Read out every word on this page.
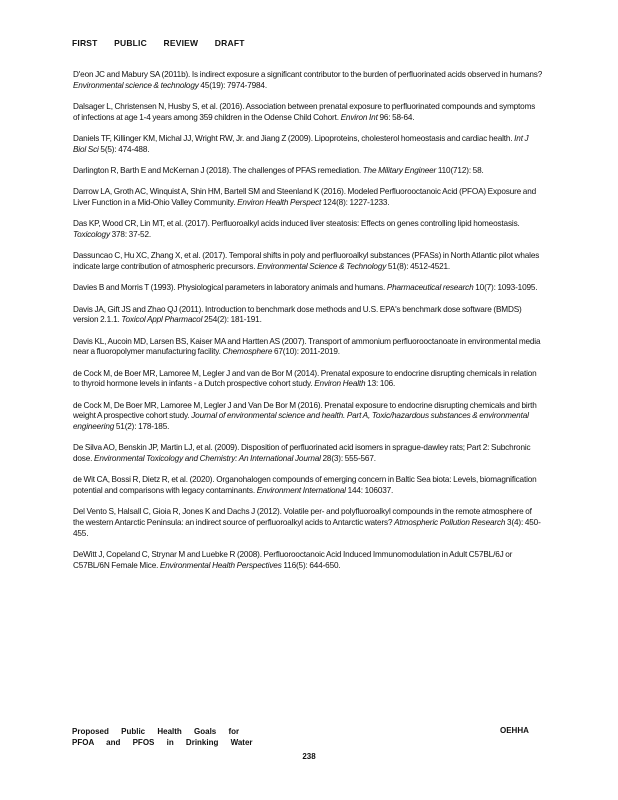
FIRST PUBLIC REVIEW DRAFT

D'eon JC and Mabury SA (2011b). Is indirect exposure a significant contributor to the burden of perfluorinated acids observed in humans? Environmental science & technology 45(19): 7974-7984.

Dalsager L, Christensen N, Husby S, et al. (2016). Association between prenatal exposure to perfluorinated compounds and symptoms of infections at age 1-4 years among 359 children in the Odense Child Cohort. Environ Int 96: 58-64.

Daniels TF, Killinger KM, Michal JJ, Wright RW, Jr. and Jiang Z (2009). Lipoproteins, cholesterol homeostasis and cardiac health. Int J Biol Sci 5(5): 474-488.

Darlington R, Barth E and McKernan J (2018). The challenges of PFAS remediation. The Military Engineer 110(712): 58.

Darrow LA, Groth AC, Winquist A, Shin HM, Bartell SM and Steenland K (2016). Modeled Perfluorooctanoic Acid (PFOA) Exposure and Liver Function in a Mid-Ohio Valley Community. Environ Health Perspect 124(8): 1227-1233.

Das KP, Wood CR, Lin MT, et al. (2017). Perfluoroalkyl acids induced liver steatosis: Effects on genes controlling lipid homeostasis. Toxicology 378: 37-52.

Dassuncao C, Hu XC, Zhang X, et al. (2017). Temporal shifts in poly and perfluoroalkyl substances (PFASs) in North Atlantic pilot whales indicate large contribution of atmospheric precursors. Environmental Science & Technology 51(8): 4512-4521.

Davies B and Morris T (1993). Physiological parameters in laboratory animals and humans. Pharmaceutical research 10(7): 1093-1095.

Davis JA, Gift JS and Zhao QJ (2011). Introduction to benchmark dose methods and U.S. EPA's benchmark dose software (BMDS) version 2.1.1. Toxicol Appl Pharmacol 254(2): 181-191.

Davis KL, Aucoin MD, Larsen BS, Kaiser MA and Hartten AS (2007). Transport of ammonium perfluorooctanoate in environmental media near a fluoropolymer manufacturing facility. Chemosphere 67(10): 2011-2019.

de Cock M, de Boer MR, Lamoree M, Legler J and van de Bor M (2014). Prenatal exposure to endocrine disrupting chemicals in relation to thyroid hormone levels in infants - a Dutch prospective cohort study. Environ Health 13: 106.

de Cock M, De Boer MR, Lamoree M, Legler J and Van De Bor M (2016). Prenatal exposure to endocrine disrupting chemicals and birth weight A prospective cohort study. Journal of environmental science and health. Part A, Toxic/hazardous substances & environmental engineering 51(2): 178-185.

De Silva AO, Benskin JP, Martin LJ, et al. (2009). Disposition of perfluorinated acid isomers in sprague-dawley rats; Part 2: Subchronic dose. Environmental Toxicology and Chemistry: An International Journal 28(3): 555-567.

de Wit CA, Bossi R, Dietz R, et al. (2020). Organohalogen compounds of emerging concern in Baltic Sea biota: Levels, biomagnification potential and comparisons with legacy contaminants. Environment International 144: 106037.

Del Vento S, Halsall C, Gioia R, Jones K and Dachs J (2012). Volatile per- and polyfluoroalkyl compounds in the remote atmosphere of the western Antarctic Peninsula: an indirect source of perfluoroalkyl acids to Antarctic waters? Atmospheric Pollution Research 3(4): 450-455.

DeWitt J, Copeland C, Strynar M and Luebke R (2008). Perfluorooctanoic Acid Induced Immunomodulation in Adult C57BL/6J or C57BL/6N Female Mice. Environmental Health Perspectives 116(5): 644-650.

Proposed Public Health Goals for
PFOA and PFOS in Drinking Water
OEHHA
238
